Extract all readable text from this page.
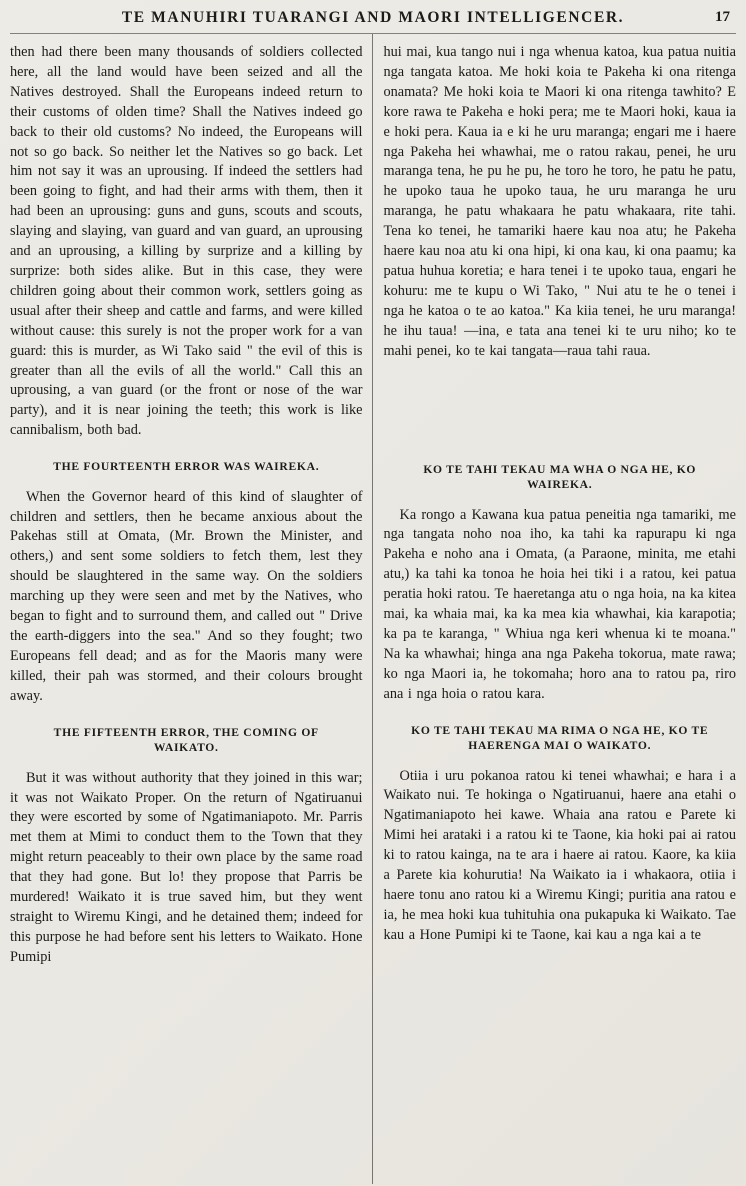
TE MANUHIRI TUARANGI AND MAORI INTELLIGENCER.	17

then had there been many thousands of soldiers collected here, all the land would have been seized and all the Natives destroyed. Shall the Europeans indeed return to their customs of olden time? Shall the Natives indeed go back to their old customs? No indeed, the Europeans will not so go back. So neither let the Natives so go back. Let him not say it was an uprousing. If indeed the settlers had been going to fight, and had their arms with them, then it had been an uprousing: guns and guns, scouts and scouts, slaying and slaying, van guard and van guard, an uprousing and an uprousing, a killing by surprize and a killing by surprize: both sides alike. But in this case, they were children going about their common work, settlers going as usual after their sheep and cattle and farms, and were killed without cause: this surely is not the proper work for a van guard: this is murder, as Wi Tako said " the evil of this is greater than all the evils of all the world." Call this an uprousing, a van guard (or the front or nose of the war party), and it is near joining the teeth; this work is like cannibalism, both bad.

THE FOURTEENTH ERROR WAS WAIREKA.

When the Governor heard of this kind of slaughter of children and settlers, then he became anxious about the Pakehas still at Omata, (Mr. Brown the Minister, and others,) and sent some soldiers to fetch them, lest they should be slaughtered in the same way. On the soldiers marching up they were seen and met by the Natives, who began to fight and to surround them, and called out " Drive the earth-diggers into the sea." And so they fought; two Europeans fell dead; and as for the Maoris many were killed, their pah was stormed, and their colours brought away.

THE FIFTEENTH ERROR, THE COMING OF WAIKATO.

But it was without authority that they joined in this war; it was not Waikato Proper. On the return of Ngatiruanui they were escorted by some of Ngatimaniapoto. Mr. Parris met them at Mimi to conduct them to the Town that they might return peaceably to their own place by the same road that they had gone. But lo! they propose that Parris be murdered! Waikato it is true saved him, but they went straight to Wiremu Kingi, and he detained them; indeed for this purpose he had before sent his letters to Waikato. Hone Pumipi

hui mai, kua tango nui i nga whenua katoa, kua patua nuitia nga tangata katoa. Me hoki koia te Pakeha ki ona ritenga onamata? Me hoki koia te Maori ki ona ritenga tawhito? E kore rawa te Pakeha e hoki pera; me te Maori hoki, kaua ia e hoki pera. Kaua ia e ki he uru maranga; engari me i haere nga Pakeha hei whawhai, me o ratou rakau, penei, he uru maranga tena, he pu he pu, he toro he toro, he patu he patu, he upoko taua he upoko taua, he uru maranga he uru maranga, he patu whakaara he patu whakaara, rite tahi. Tena ko tenei, he tamariki haere kau noa atu; he Pakeha haere kau noa atu ki ona hipi, ki ona kau, ki ona paamu; ka patua huhua koretia; e hara tenei i te upoko taua, engari he kohuru: me te kupu o Wi Tako, " Nui atu te he o tenei i nga he katoa o te ao katoa." Ka kiia tenei, he uru maranga! he ihu taua! —ina, e tata ana tenei ki te uru niho; ko te mahi penei, ko te kai tangata—raua tahi raua.

KO TE TAHI TEKAU MA WHA O NGA HE, KO WAIREKA.

Ka rongo a Kawana kua patua peneitia nga tamariki, me nga tangata noho noa iho, ka tahi ka rapurapu ki nga Pakeha e noho ana i Omata, (a Paraone, minita, me etahi atu,) ka tahi ka tonoa he hoia hei tiki i a ratou, kei patua peratia hoki ratou. Te haeretanga atu o nga hoia, na ka kitea mai, ka whaia mai, ka ka mea kia whawhai, kia karapotia; ka pa te karanga, " Whiua nga keri whenua ki te moana." Na ka whawhai; hinga ana nga Pakeha tokorua, mate rawa; ko nga Maori ia, he tokomaha; horo ana to ratou pa, riro ana i nga hoia o ratou kara.

KO TE TAHI TEKAU MA RIMA O NGA HE, KO TE HAERENGA MAI O WAIKATO.

Otiia i uru pokanoa ratou ki tenei whawhai; e hara i a Waikato nui. Te hokinga o Ngatiruanui, haere ana etahi o Ngatimaniapoto hei kawe. Whaia ana ratou e Parete ki Mimi hei arataki i a ratou ki te Taone, kia hoki pai ai ratou ki to ratou kainga, na te ara i haere ai ratou. Kaore, ka kiia a Parete kia kohurutia! Na Waikato ia i whakaora, otiia i haere tonu ano ratou ki a Wiremu Kingi; puritia ana ratou e ia, he mea hoki kua tuhituhia ona pukapuka ki Waikato. Tae kau a Hone Pumipi ki te Taone, kai kau a nga kai a te
